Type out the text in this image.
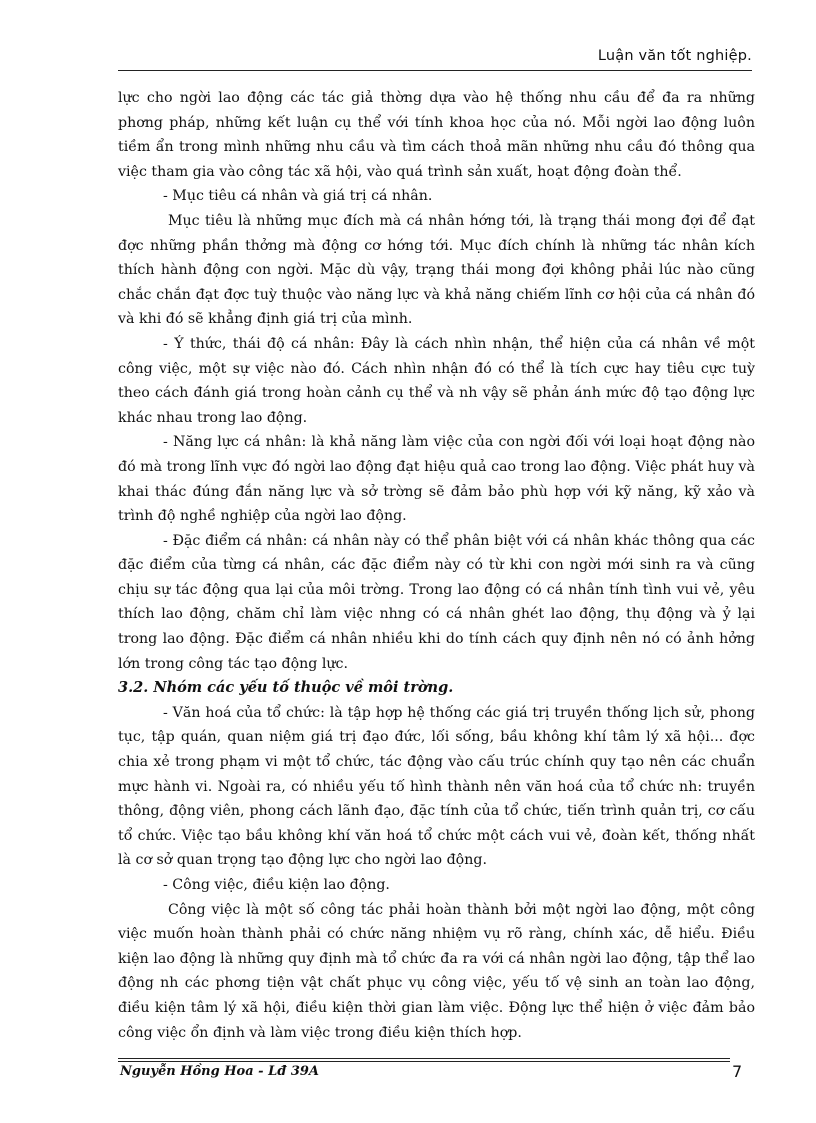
Luận văn tốt nghiệp.

lực cho ngời lao động các tác giả thờng dựa vào hệ thống nhu cầu để đa ra những phơng pháp, những kết luận cụ thể với tính khoa học của nó. Mỗi ngời lao động luôn tiềm ẩn trong mình những nhu cầu và tìm cách thoả mãn những nhu cầu đó thông qua việc tham gia vào công tác xã hội, vào quá trình sản xuất, hoạt động đoàn thể.

- Mục tiêu cá nhân và giá trị cá nhân.

Mục tiêu là những mục đích mà cá nhân hớng tới, là trạng thái mong đợi để đạt đợc những phần thởng mà động cơ hớng tới. Mục đích chính là những tác nhân kích thích hành động con ngời. Mặc dù vậy, trạng thái mong đợi không phải lúc nào cũng chắc chắn đạt đợc tuỳ thuộc vào năng lực và khả năng chiếm lĩnh cơ hội của cá nhân đó và khi đó sẽ khẳng định giá trị của mình.

- Ý thức, thái độ cá nhân: Đây là cách nhìn nhận, thể hiện của cá nhân về một công việc, một sự việc nào đó. Cách nhìn nhận đó có thể là tích cực hay tiêu cực tuỳ theo cách đánh giá trong hoàn cảnh cụ thể và nh vậy sẽ phản ánh mức độ tạo động lực khác nhau trong lao động.

- Năng lực cá nhân: là khả năng làm việc của con ngời đối với loại hoạt động nào đó mà trong lĩnh vực đó ngời lao động đạt hiệu quả cao trong lao động. Việc phát huy và khai thác đúng đắn năng lực và sở trờng sẽ đảm bảo phù hợp với kỹ năng, kỹ xảo và trình độ nghề nghiệp của ngời lao động.

- Đặc điểm cá nhân: cá nhân này có thể phân biệt với cá nhân khác thông qua các đặc điểm của từng cá nhân, các đặc điểm này có từ khi con ngời mới sinh ra và cũng chịu sự tác động qua lại của môi trờng. Trong lao động có cá nhân tính tình vui vẻ, yêu thích lao động, chăm chỉ làm việc nhng có cá nhân ghét lao động, thụ động và ỷ lại trong lao động. Đặc điểm cá nhân nhiều khi do tính cách quy định nên nó có ảnh hởng lớn trong công tác tạo động lực.

3.2. Nhóm các yếu tố thuộc về môi trờng.

- Văn hoá của tổ chức: là tập hợp hệ thống các giá trị truyền thống lịch sử, phong tục, tập quán, quan niệm giá trị đạo đức, lối sống, bầu không khí tâm lý xã hội... đợc chia xẻ trong phạm vi một tổ chức, tác động vào cấu trúc chính quy tạo nên các chuẩn mực hành vi. Ngoài ra, có nhiều yếu tố hình thành nên văn hoá của tổ chức nh: truyền thông, động viên, phong cách lãnh đạo, đặc tính của tổ chức, tiến trình quản trị, cơ cấu tổ chức. Việc tạo bầu không khí văn hoá tổ chức một cách vui vẻ, đoàn kết, thống nhất là cơ sở quan trọng tạo động lực cho ngời lao động.

- Công việc, điều kiện lao động.

Công việc là một số công tác phải hoàn thành bởi một ngời lao động, một công việc muốn hoàn thành phải có chức năng nhiệm vụ rõ ràng, chính xác, dễ hiểu. Điều kiện lao động là những quy định mà tổ chức đa ra với cá nhân ngời lao động, tập thể lao động nh các phơng tiện vật chất phục vụ công việc, yếu tố vệ sinh an toàn lao động, điều kiện tâm lý xã hội, điều kiện thời gian làm việc. Động lực thể hiện ở việc đảm bảo công việc ổn định và làm việc trong điều kiện thích hợp.

Nguyễn Hồng Hoa - Lđ 39A	7
